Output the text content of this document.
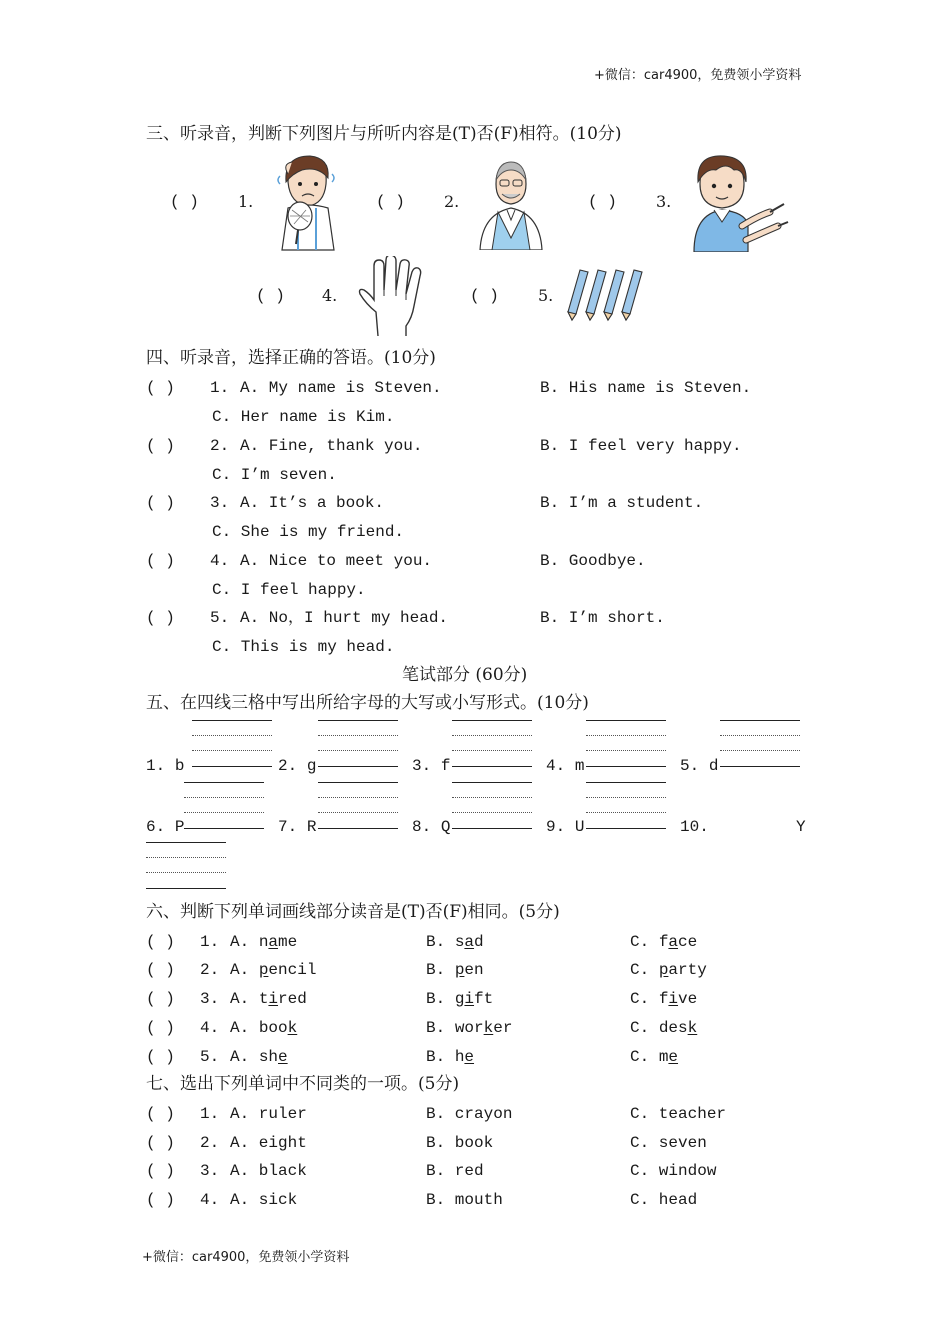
+微信：car4900，免费领小学资料
三、听录音，判断下列图片与所听内容是(T)否(F)相符。(10分)
( ) 1.	( ) 2.	( ) 3.
( ) 4.	( ) 5.
四、听录音，选择正确的答语。(10分)
( ) 1. A. My name is Steven.	B. His name is Steven.
C. Her name is Kim.
( ) 2. A. Fine, thank you.	B. I feel very happy.
C. I’m seven.
( ) 3. A. It’s a book.	B. I’m a student.
C. She is my friend.
( ) 4. A. Nice to meet you.	B. Goodbye.
C. I feel happy.
( ) 5. A. No，I hurt my head.	B. I’m short.
C. This is my head.
笔试部分 (60分)
五、在四线三格中写出所给字母的大写或小写形式。(10分)
1. b	2. g	3. f	4. m	5. d
6. P	7. R	8. Q	9. U	10.	Y
六、判断下列单词画线部分读音是(T)否(F)相同。(5分)
( ) 1. A. name	B. sad	C. face
( ) 2. A. pencil	B. pen	C. party
( ) 3. A. tired	B. gift	C. five
( ) 4. A. book	B. worker	C. desk
( ) 5. A. she	B. he	C. me
七、选出下列单词中不同类的一项。(5分)
( ) 1. A. ruler	B. crayon	C. teacher
( ) 2. A. eight	B. book	C. seven
( ) 3. A. black	B. red	C. window
( ) 4. A. sick	B. mouth	C. head
+微信：car4900，免费领小学资料
